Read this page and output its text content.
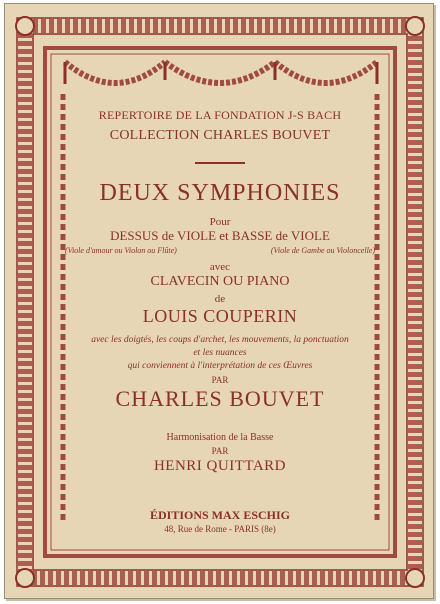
REPERTOIRE DE LA FONDATION J-S BACH
COLLECTION CHARLES BOUVET
DEUX SYMPHONIES
Pour
DESSUS de VIOLE et BASSE de VIOLE
(Viole d'amour ou Violon ou Flûte)	(Viole de Gambe ou Violoncelle)
avec
CLAVECIN OU PIANO
de
LOUIS COUPERIN
avec les doigtés, les coups d'archet, les mouvements, la ponctuation
et les nuances
qui conviennent à l'interprétation de ces Œuvres
PAR
CHARLES BOUVET
Harmonisation de la Basse
PAR
HENRI QUITTARD
ÉDITIONS MAX ESCHIG
48, Rue de Rome - PARIS (8e)
